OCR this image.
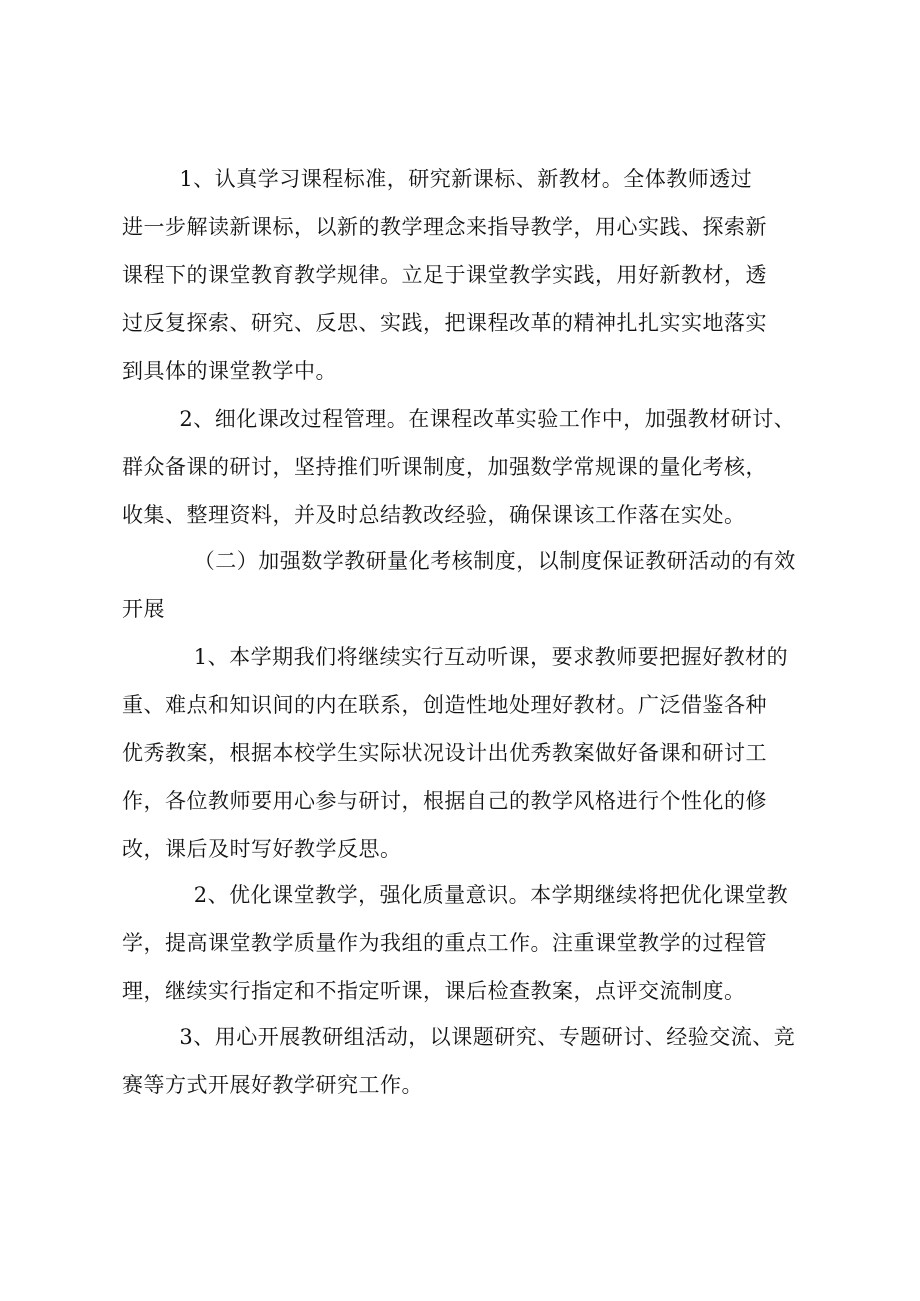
1、认真学习课程标准，研究新课标、新教材。全体教师透过
进一步解读新课标，以新的教学理念来指导教学，用心实践、探索新
课程下的课堂教育教学规律。立足于课堂教学实践，用好新教材，透
过反复探索、研究、反思、实践，把课程改革的精神扎扎实实地落实
到具体的课堂教学中。

2、细化课改过程管理。在课程改革实验工作中，加强教材研讨、
群众备课的研讨，坚持推们听课制度，加强数学常规课的量化考核，
收集、整理资料，并及时总结教改经验，确保课该工作落在实处。

（二）加强数学教研量化考核制度，以制度保证教研活动的有效
开展

1、本学期我们将继续实行互动听课，要求教师要把握好教材的
重、难点和知识间的内在联系，创造性地处理好教材。广泛借鉴各种
优秀教案，根据本校学生实际状况设计出优秀教案做好备课和研讨工
作，各位教师要用心参与研讨，根据自己的教学风格进行个性化的修
改，课后及时写好教学反思。

2、优化课堂教学，强化质量意识。本学期继续将把优化课堂教
学，提高课堂教学质量作为我组的重点工作。注重课堂教学的过程管
理，继续实行指定和不指定听课，课后检查教案，点评交流制度。

3、用心开展教研组活动，以课题研究、专题研讨、经验交流、竞
赛等方式开展好教学研究工作。
